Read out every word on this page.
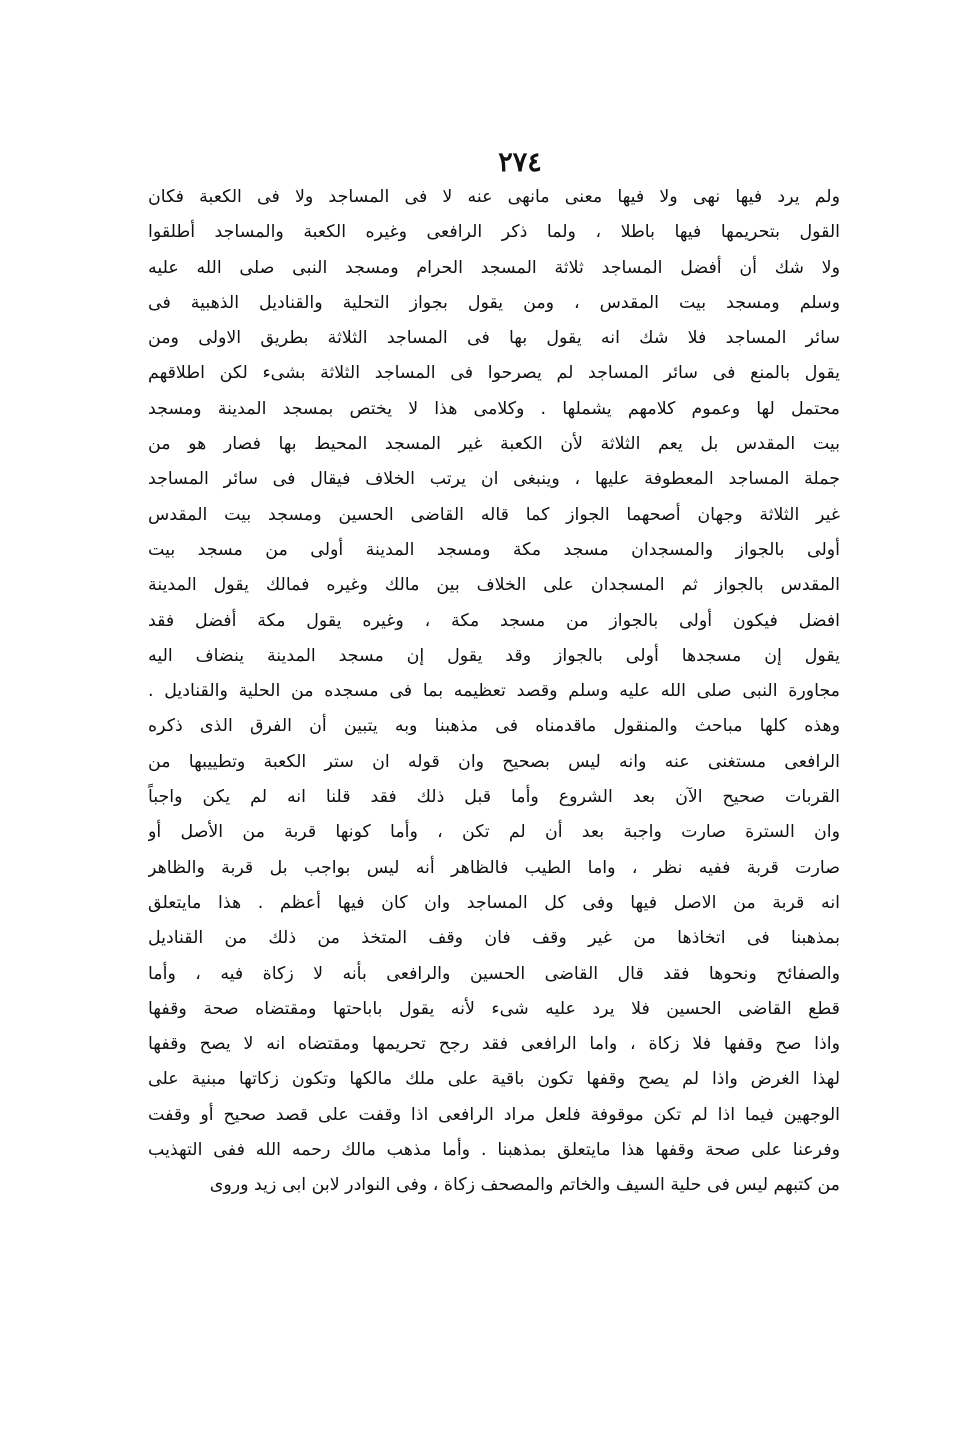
٢٧٤
ولم يرد فيها نهى ولا فيها معنى مانهى عنه لا فى المساجد ولا فى الكعبة فكان
القول بتحريمها فيها باطلا ، ولما ذكر الرافعى وغيره الكعبة والمساجد أطلقوا
ولا شك أن أفضل المساجد ثلاثة المسجد الحرام ومسجد النبى صلى الله عليه
وسلم ومسجد بيت المقدس ، ومن يقول بجواز التحلية والقناديل الذهبية فى
سائر المساجد فلا شك انه يقول بها فى المساجد الثلاثة بطريق الاولى ومن
يقول بالمنع فى سائر المساجد لم يصرحوا فى المساجد الثلاثة بشىء لكن اطلاقهم
محتمل لها وعموم كلامهم يشملها . وكلامى هذا لا يختص بمسجد المدينة ومسجد
بيت المقدس بل يعم الثلاثة لأن الكعبة غير المسجد المحيط بها فصار هو من
جملة المساجد المعطوفة عليها ، وينبغى ان يرتب الخلاف فيقال فى سائر المساجد
غير الثلاثة وجهان أصحهما الجواز كما قاله القاضى الحسين ومسجد بيت المقدس
أولى بالجواز والمسجدان مسجد مكة ومسجد المدينة أولى من مسجد بيت
المقدس بالجواز ثم المسجدان على الخلاف بين مالك وغيره فمالك يقول المدينة
افضل فيكون أولى بالجواز من مسجد مكة ، وغيره يقول مكة أفضل فقد
يقول إن مسجدها أولى بالجواز وقد يقول إن مسجد المدينة ينضاف اليه
مجاورة النبى صلى الله عليه وسلم وقصد تعظيمه بما فى مسجده من الحلية والقناديل .
وهذه كلها مباحث والمنقول ماقدمناه فى مذهبنا وبه يتبين أن الفرق الذى ذكره
الرافعى مستغنى عنه وانه ليس بصحيح وان قوله ان ستر الكعبة وتطييبها من
القربات صحيح الآن بعد الشروع وأما قبل ذلك فقد قلنا انه لم يكن واجباً
وان السترة صارت واجبة بعد أن لم تكن ، وأما كونها قربة من الأصل أو
صارت قربة ففيه نظر ، واما الطيب فالظاهر أنه ليس بواجب بل قربة والظاهر
انه قربة من الاصل فيها وفى كل المساجد وان كان فيها أعظم . هذا مايتعلق
بمذهبنا فى اتخاذها من غير وقف فان وقف المتخذ من ذلك من القناديل
والصفائح ونحوها فقد قال القاضى الحسين والرافعى بأنه لا زكاة فيه ، وأما
قطع القاضى الحسين فلا يرد عليه شىء لأنه يقول باباحتها ومقتضاه صحة وقفها
واذا صح وقفها فلا زكاة ، واما الرافعى فقد رجح تحريمها ومقتضاه انه لا يصح وقفها
لهذا الغرض واذا لم يصح وقفها تكون باقية على ملك مالكها وتكون زكاتها مبنية على
الوجهين فيما اذا لم تكن موقوفة فلعل مراد الرافعى اذا وقفت على قصد صحيح أو وقفت
وفرعنا على صحة وقفها هذا مايتعلق بمذهبنا . وأما مذهب مالك رحمه الله ففى التهذيب
من كتبهم ليس فى حلية السيف والخاتم والمصحف زكاة ، وفى النوادر لابن ابى زيد وروى
